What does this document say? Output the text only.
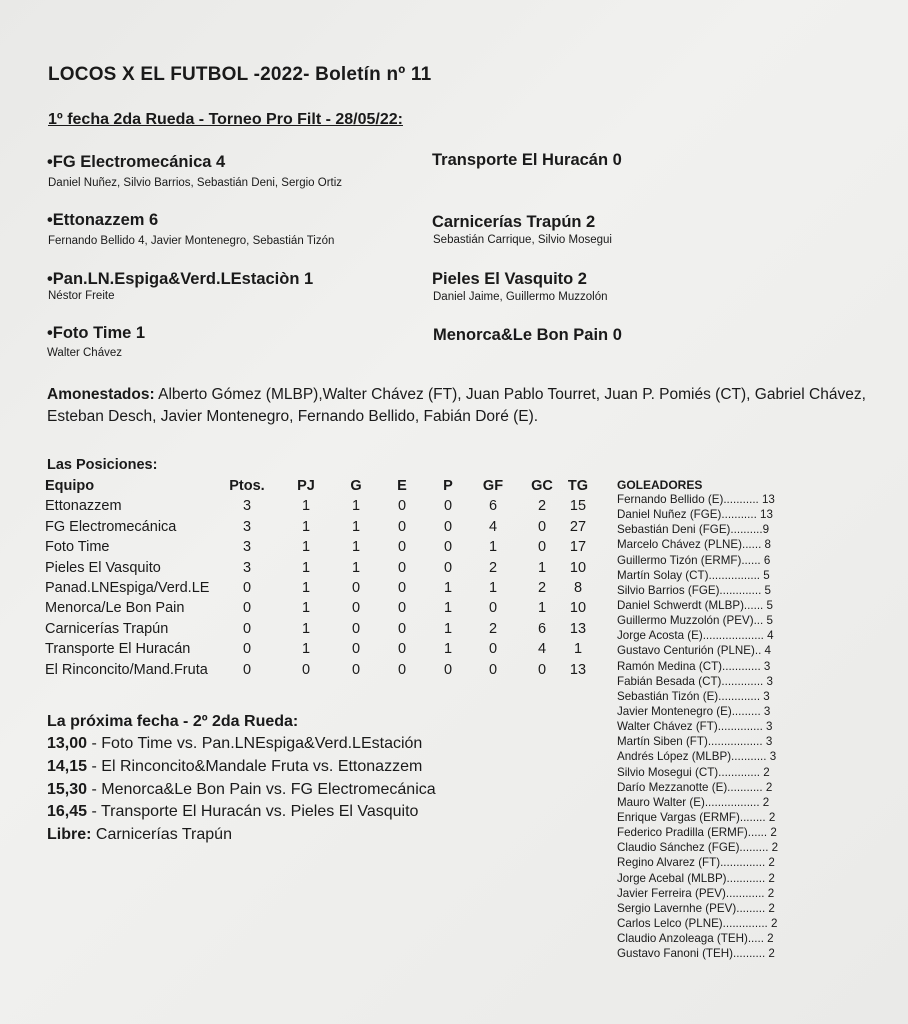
LOCOS X EL FUTBOL -2022- Boletín nº 11
1º fecha 2da Rueda - Torneo Pro Filt - 28/05/22:
•FG Electromecánica 4
Daniel Nuñez, Silvio Barrios, Sebastián Deni, Sergio Ortiz
Transporte El Huracán 0
•Ettonazzem 6
Fernando Bellido 4, Javier Montenegro, Sebastián Tizón
Carnicerías Trapún 2
Sebastián Carrique, Silvio Mosegui
•Pan.LN.Espiga&Verd.LEstaciòn 1
Néstor Freite
Pieles El Vasquito 2
Daniel Jaime, Guillermo Muzzolón
•Foto Time 1
Walter Chávez
Menorca&Le Bon Pain 0
Amonestados: Alberto Gómez (MLBP),Walter Chávez (FT), Juan Pablo Tourret, Juan P. Pomiés (CT), Gabriel Chávez, Esteban Desch, Javier Montenegro, Fernando Bellido, Fabián Doré (E).
Las Posiciones:
Equipo	Ptos.	PJ	G	E	P	GF	GC	TG
Ettonazzem	3	1	1	0	0	6	2	15
FG Electromecánica	3	1	1	0	0	4	0	27
Foto Time	3	1	1	0	0	1	0	17
Pieles El Vasquito	3	1	1	0	0	2	1	10
Panad.LNEspiga/Verd.LE	0	1	0	0	1	1	2	8
Menorca/Le Bon Pain	0	1	0	0	1	0	1	10
Carnicerías Trapún	0	1	0	0	1	2	6	13
Transporte El Huracán	0	1	0	0	1	0	4	1
El Rinconcito/Mand.Fruta	0	0	0	0	0	0	0	13
La próxima fecha - 2º 2da Rueda:
13,00 - Foto Time vs. Pan.LNEspiga&Verd.LEstación
14,15 - El Rinconcito&Mandale Fruta vs. Ettonazzem
15,30 - Menorca&Le Bon Pain vs. FG Electromecánica
16,45 - Transporte El Huracán vs. Pieles El Vasquito
Libre: Carnicerías Trapún
GOLEADORES
Fernando Bellido (E)........... 13
Daniel Nuñez (FGE)........... 13
Sebastián Deni (FGE)..........9
Marcelo Chávez (PLNE)...... 8
Guillermo Tizón (ERMF)...... 6
Martín Solay (CT)................ 5
Silvio Barrios (FGE)............. 5
Daniel Schwerdt (MLBP)...... 5
Guillermo Muzzolón (PEV)... 5
Jorge Acosta (E)................... 4
Gustavo Centurión (PLNE).. 4
Ramón Medina (CT)............ 3
Fabián Besada (CT)............. 3
Sebastián Tizón (E)............. 3
Javier Montenegro (E)......... 3
Walter Chávez (FT).............. 3
Martín Siben (FT)................. 3
Andrés López (MLBP)........... 3
Silvio Mosegui (CT)............. 2
Darío Mezzanotte (E)........... 2
Mauro Walter (E)................. 2
Enrique Vargas (ERMF)........ 2
Federico Pradilla (ERMF)...... 2
Claudio Sánchez (FGE)......... 2
Regino Alvarez (FT).............. 2
Jorge Acebal (MLBP)............ 2
Javier Ferreira (PEV)............ 2
Sergio Lavernhe (PEV)......... 2
Carlos Lelco (PLNE).............. 2
Claudio Anzoleaga (TEH)..... 2
Gustavo Fanoni (TEH).......... 2
